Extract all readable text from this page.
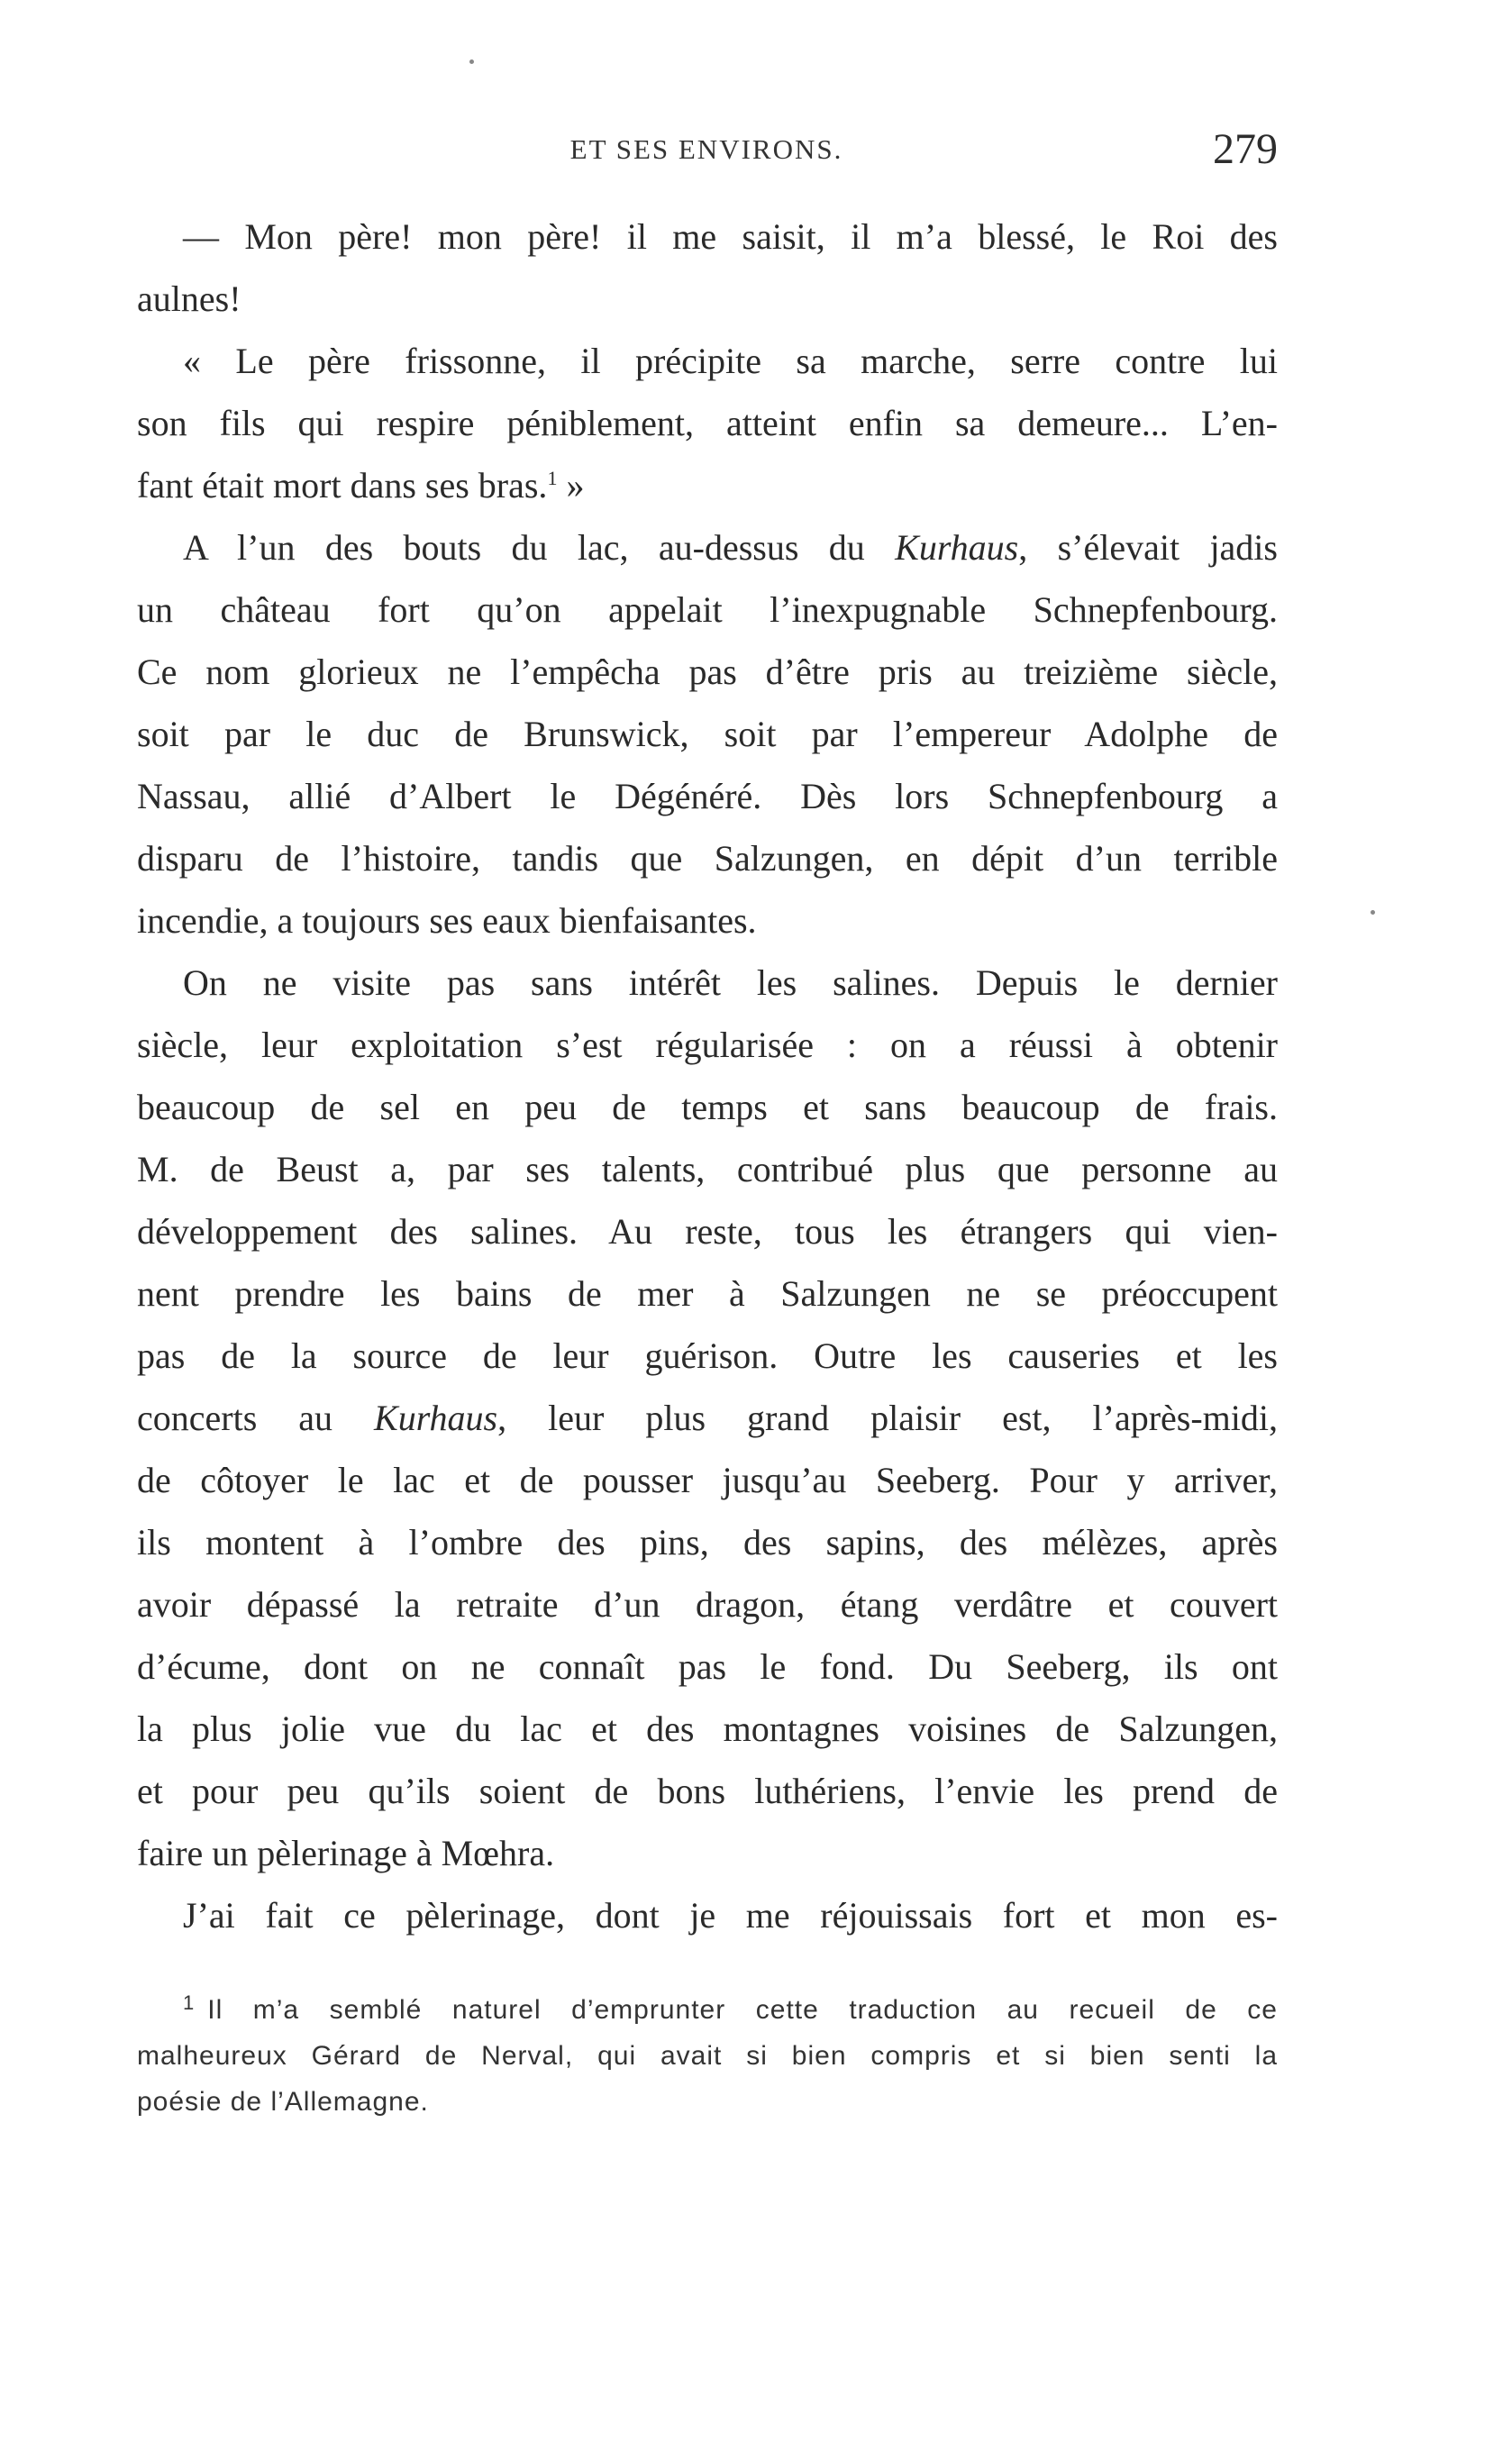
ET SES ENVIRONS.	279
— Mon père! mon père! il me saisit, il m’a blessé, le Roi des
aulnes!
« Le père frissonne, il précipite sa marche, serre contre lui
son fils qui respire péniblement, atteint enfin sa demeure... L’en-
fant était mort dans ses bras.$^1$ »
A l’un des bouts du lac, au-dessus du Kurhaus, s’élevait jadis
un château fort qu’on appelait l’inexpugnable Schnepfenbourg.
Ce nom glorieux ne l’empêcha pas d’être pris au treizième siècle,
soit par le duc de Brunswick, soit par l’empereur Adolphe de
Nassau, allié d’Albert le Dégénéré. Dès lors Schnepfenbourg a
disparu de l’histoire, tandis que Salzungen, en dépit d’un terrible
incendie, a toujours ses eaux bienfaisantes.
On ne visite pas sans intérêt les salines. Depuis le dernier
siècle, leur exploitation s’est régularisée : on a réussi à obtenir
beaucoup de sel en peu de temps et sans beaucoup de frais.
M. de Beust a, par ses talents, contribué plus que personne au
développement des salines. Au reste, tous les étrangers qui vien-
nent prendre les bains de mer à Salzungen ne se préoccupent
pas de la source de leur guérison. Outre les causeries et les
concerts au Kurhaus, leur plus grand plaisir est, l’après-midi,
de côtoyer le lac et de pousser jusqu’au Seeberg. Pour y arriver,
ils montent à l’ombre des pins, des sapins, des mélèzes, après
avoir dépassé la retraite d’un dragon, étang verdâtre et couvert
d’écume, dont on ne connaît pas le fond. Du Seeberg, ils ont
la plus jolie vue du lac et des montagnes voisines de Salzungen,
et pour peu qu’ils soient de bons luthériens, l’envie les prend de
faire un pèlerinage à Mœhra.
J’ai fait ce pèlerinage, dont je me réjouissais fort et mon es-
$^1$ Il m’a semblé naturel d’emprunter cette traduction au recueil de ce
malheureux Gérard de Nerval, qui avait si bien compris et si bien senti la
poésie de l’Allemagne.
